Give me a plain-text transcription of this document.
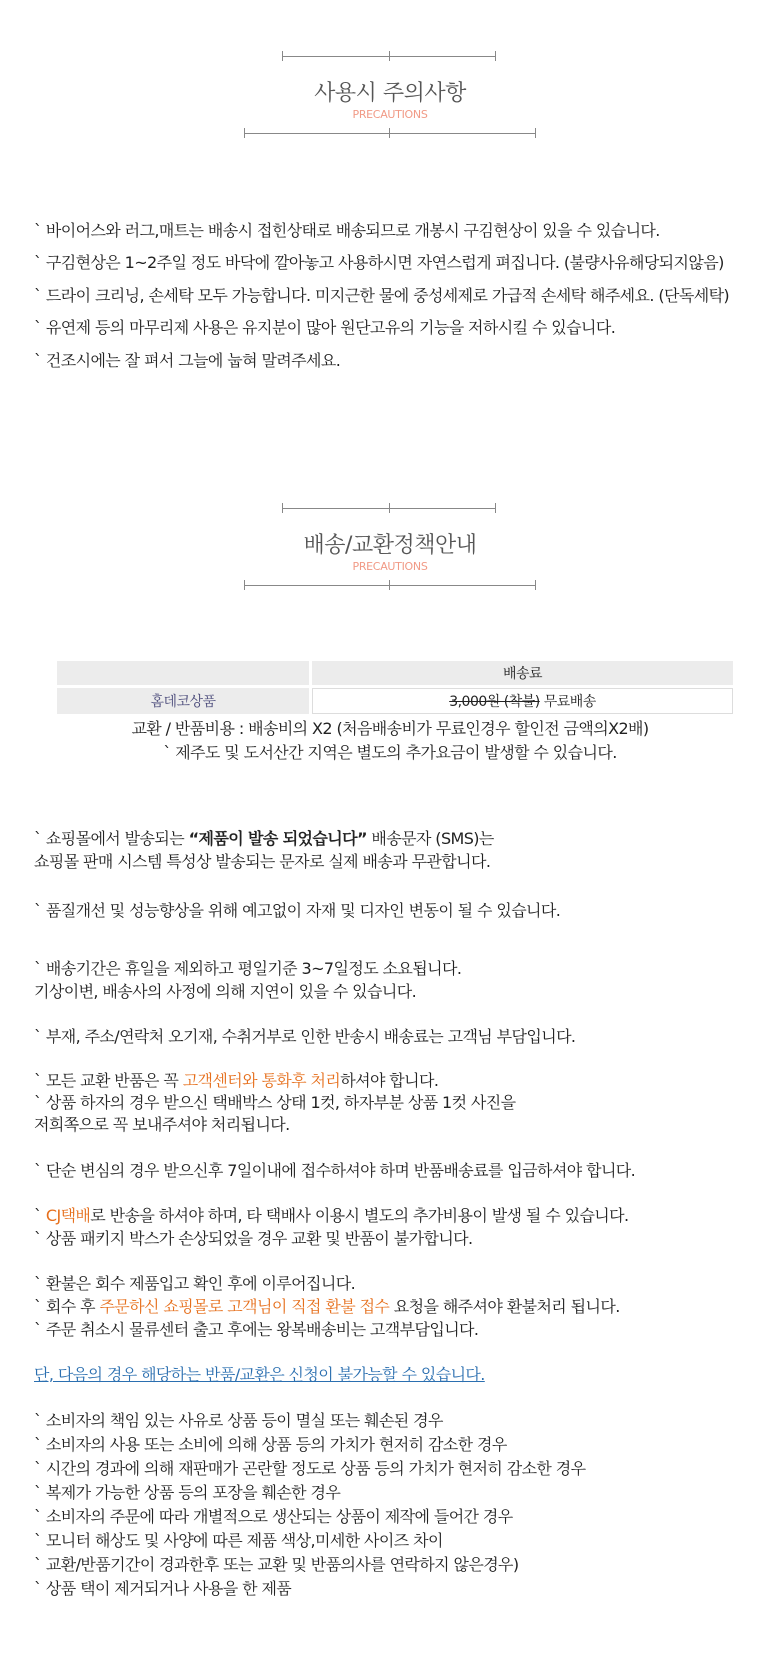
사용시 주의사항
PRECAUTIONS
` 바이어스와 러그,매트는 배송시 접힌상태로 배송되므로 개봉시 구김현상이 있을 수 있습니다.
` 구김현상은 1~2주일 정도 바닥에 깔아놓고 사용하시면 자연스럽게 펴집니다. (불량사유해당되지않음)
` 드라이 크리닝, 손세탁 모두 가능합니다. 미지근한 물에 중성세제로 가급적 손세탁 해주세요. (단독세탁)
` 유연제 등의 마무리제 사용은 유지분이 많아 원단고유의 기능을 저하시킬 수 있습니다.
` 건조시에는 잘 펴서 그늘에 눕혀 말려주세요.
배송/교환정책안내
PRECAUTIONS
	배송료
홈데코상품	3,000원 (착불) 무료배송
교환 / 반품비용 : 배송비의 X2 (처음배송비가 무료인경우 할인전 금액의X2배)
` 제주도 및 도서산간 지역은 별도의 추가요금이 발생할 수 있습니다.
` 쇼핑몰에서 발송되는 “제품이 발송 되었습니다” 배송문자 (SMS)는
쇼핑몰 판매 시스템 특성상 발송되는 문자로 실제 배송과 무관합니다.
` 품질개선 및 성능향상을 위해 예고없이 자재 및 디자인 변동이 될 수 있습니다.
` 배송기간은 휴일을 제외하고 평일기준 3~7일정도 소요됩니다.
기상이변, 배송사의 사정에 의해 지연이 있을 수 있습니다.
` 부재, 주소/연락처 오기재, 수취거부로 인한 반송시 배송료는 고객님 부담입니다.
` 모든 교환 반품은 꼭 고객센터와 통화후 처리하셔야 합니다.
` 상품 하자의 경우 받으신 택배박스 상태 1컷, 하자부분 상품 1컷 사진을
저희쪽으로 꼭 보내주셔야 처리됩니다.
` 단순 변심의 경우 받으신후 7일이내에 접수하셔야 하며 반품배송료를 입금하셔야 합니다.
` CJ택배로 반송을 하셔야 하며, 타 택배사 이용시 별도의 추가비용이 발생 될 수 있습니다.
` 상품 패키지 박스가 손상되었을 경우 교환 및 반품이 불가합니다.
` 환불은 회수 제품입고 확인 후에 이루어집니다.
` 회수 후 주문하신 쇼핑몰로 고객님이 직접 환불 접수 요청을 해주셔야 환불처리 됩니다.
` 주문 취소시 물류센터 출고 후에는 왕복배송비는 고객부담입니다.
단, 다음의 경우 해당하는 반품/교환은 신청이 불가능할 수 있습니다.
` 소비자의 책임 있는 사유로 상품 등이 멸실 또는 훼손된 경우
` 소비자의 사용 또는 소비에 의해 상품 등의 가치가 현저히 감소한 경우
` 시간의 경과에 의해 재판매가 곤란할 정도로 상품 등의 가치가 현저히 감소한 경우
` 복제가 가능한 상품 등의 포장을 훼손한 경우
` 소비자의 주문에 따라 개별적으로 생산되는 상품이 제작에 들어간 경우
` 모니터 해상도 및 사양에 따른 제품 색상,미세한 사이즈 차이
` 교환/반품기간이 경과한후 또는 교환 및 반품의사를 연락하지 않은경우)
` 상품 택이 제거되거나 사용을 한 제품
